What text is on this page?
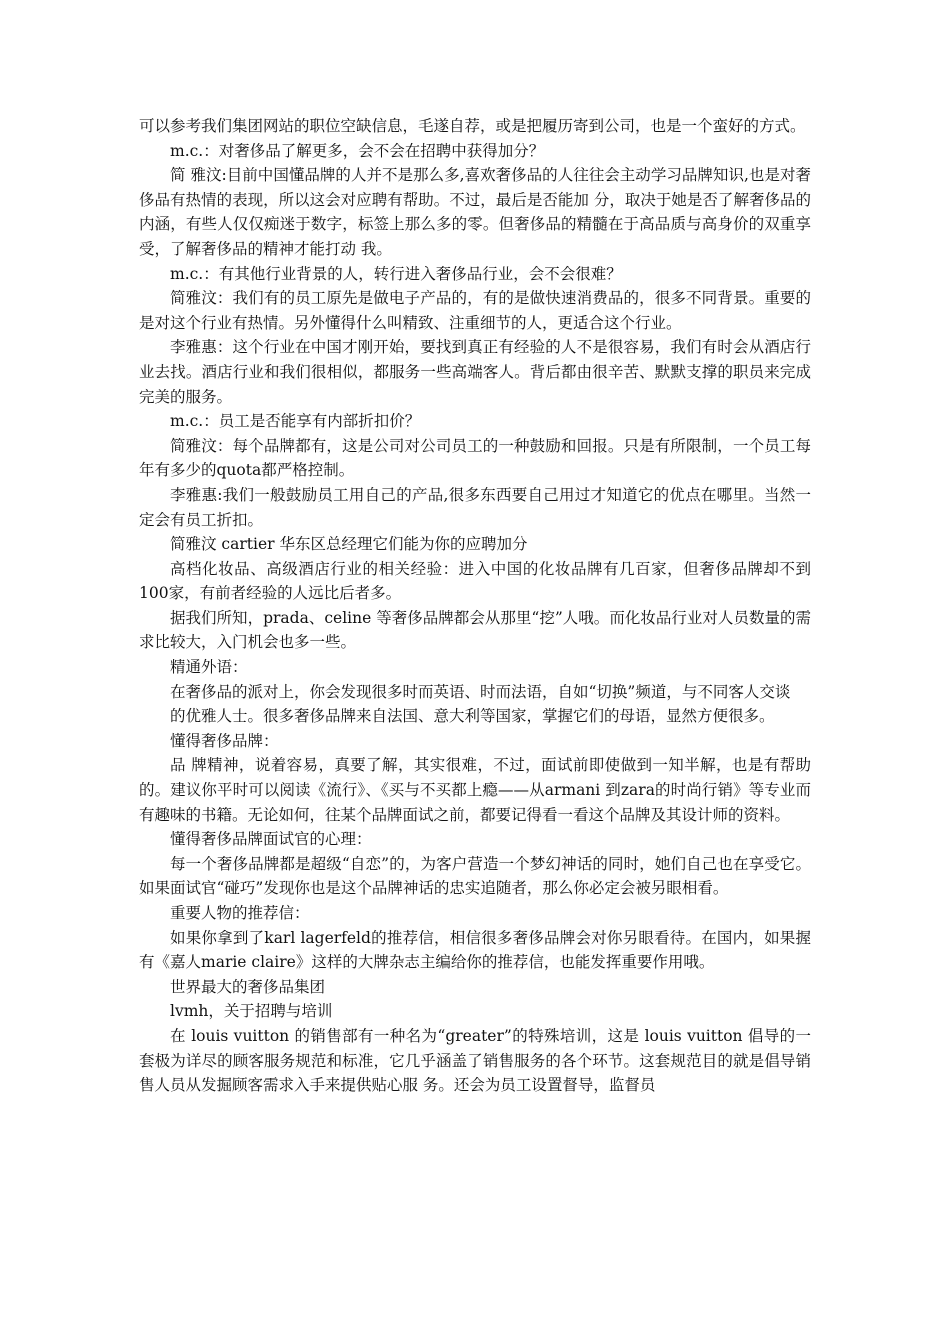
可以参考我们集团网站的职位空缺信息，毛遂自荐，或是把履历寄到公司，也是一个蛮好的方式。

m.c.：对奢侈品了解更多，会不会在招聘中获得加分？

简 雅汶:目前中国懂品牌的人并不是那么多,喜欢奢侈品的人往往会主动学习品牌知识,也是对奢侈品有热情的表现，所以这会对应聘有帮助。不过，最后是否能加 分，取决于她是否了解奢侈品的内涵，有些人仅仅痴迷于数字，标签上那么多的零。但奢侈品的精髓在于高品质与高身价的双重享受，了解奢侈品的精神才能打动 我。

m.c.：有其他行业背景的人，转行进入奢侈品行业，会不会很难？

简雅汶：我们有的员工原先是做电子产品的，有的是做快速消费品的，很多不同背景。重要的是对这个行业有热情。另外懂得什么叫精致、注重细节的人，更适合这个行业。

李雅惠：这个行业在中国才刚开始，要找到真正有经验的人不是很容易，我们有时会从酒店行业去找。酒店行业和我们很相似，都服务一些高端客人。背后都由很辛苦、默默支撑的职员来完成完美的服务。

m.c.：员工是否能享有内部折扣价？

简雅汶：每个品牌都有，这是公司对公司员工的一种鼓励和回报。只是有所限制，一个员工每年有多少的quota都严格控制。

李雅惠:我们一般鼓励员工用自己的产品,很多东西要自己用过才知道它的优点在哪里。当然一定会有员工折扣。

简雅汶 cartier 华东区总经理它们能为你的应聘加分

高档化妆品、高级酒店行业的相关经验：进入中国的化妆品牌有几百家，但奢侈品牌却不到100家，有前者经验的人远比后者多。

据我们所知，prada、celine 等奢侈品牌都会从那里“挖”人哦。而化妆品行业对人员数量的需求比较大，入门机会也多一些。

精通外语：

在奢侈品的派对上，你会发现很多时而英语、时而法语，自如“切换”频道，与不同客人交谈

的优雅人士。很多奢侈品牌来自法国、意大利等国家，掌握它们的母语，显然方便很多。

懂得奢侈品牌：

品 牌精神，说着容易，真要了解，其实很难，不过，面试前即使做到一知半解，也是有帮助的。建议你平时可以阅读《流行》、《买与不买都上瘾——从armani 到zara的时尚行销》等专业而有趣味的书籍。无论如何，往某个品牌面试之前，都要记得看一看这个品牌及其设计师的资料。

懂得奢侈品牌面试官的心理：

每一个奢侈品牌都是超级“自恋”的，为客户营造一个梦幻神话的同时，她们自己也在享受它。如果面试官“碰巧”发现你也是这个品牌神话的忠实追随者，那么你必定会被另眼相看。

重要人物的推荐信：

如果你拿到了karl lagerfeld的推荐信，相信很多奢侈品牌会对你另眼看待。在国内，如果握有《嘉人marie claire》这样的大牌杂志主编给你的推荐信，也能发挥重要作用哦。

世界最大的奢侈品集团

lvmh，关于招聘与培训

在 louis vuitton 的销售部有一种名为“greater”的特殊培训，这是 louis vuitton 倡导的一套极为详尽的顾客服务规范和标准，它几乎涵盖了销售服务的各个环节。这套规范目的就是倡导销售人员从发掘顾客需求入手来提供贴心服 务。还会为员工设置督导，监督员
